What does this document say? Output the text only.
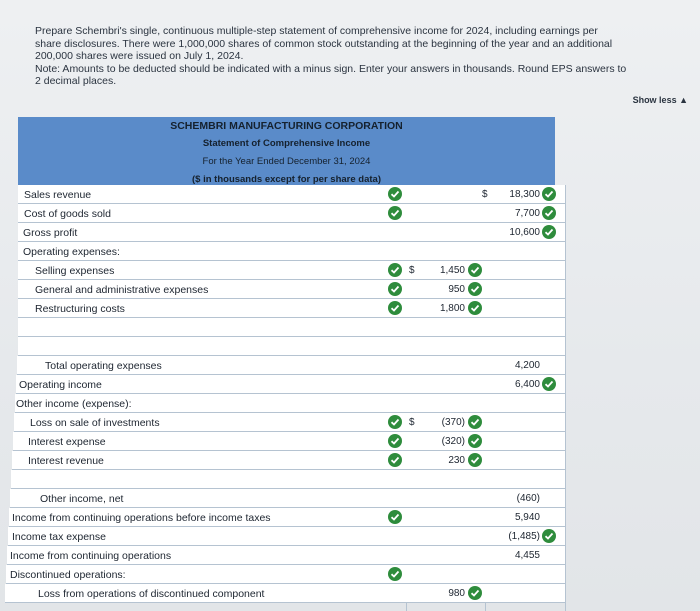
Prepare Schembri's single, continuous multiple-step statement of comprehensive income for 2024, including earnings per

share disclosures. There were 1,000,000 shares of common stock outstanding at the beginning of the year and an additional

200,000 shares were issued on July 1, 2024.

Note: Amounts to be deducted should be indicated with a minus sign. Enter your answers in thousands. Round EPS answers to

2 decimal places.

Show less ▲
SCHEMBRI MANUFACTURING CORPORATION
Statement of Comprehensive Income
For the Year Ended December 31, 2024
($ in thousands except for per share data)
Sales revenue	$	18,300
Cost of goods sold	7,700
Gross profit	10,600
Operating expenses:
Selling expenses	$	1,450
General and administrative expenses	950
Restructuring costs	1,800
Total operating expenses	4,200
Operating income	6,400
Other income (expense):
Loss on sale of investments	$	(370)
Interest expense	(320)
Interest revenue	230
Other income, net	(460)
Income from continuing operations before income taxes	5,940
Income tax expense	(1,485)
Income from continuing operations	4,455
Discontinued operations:
Loss from operations of discontinued component	980
